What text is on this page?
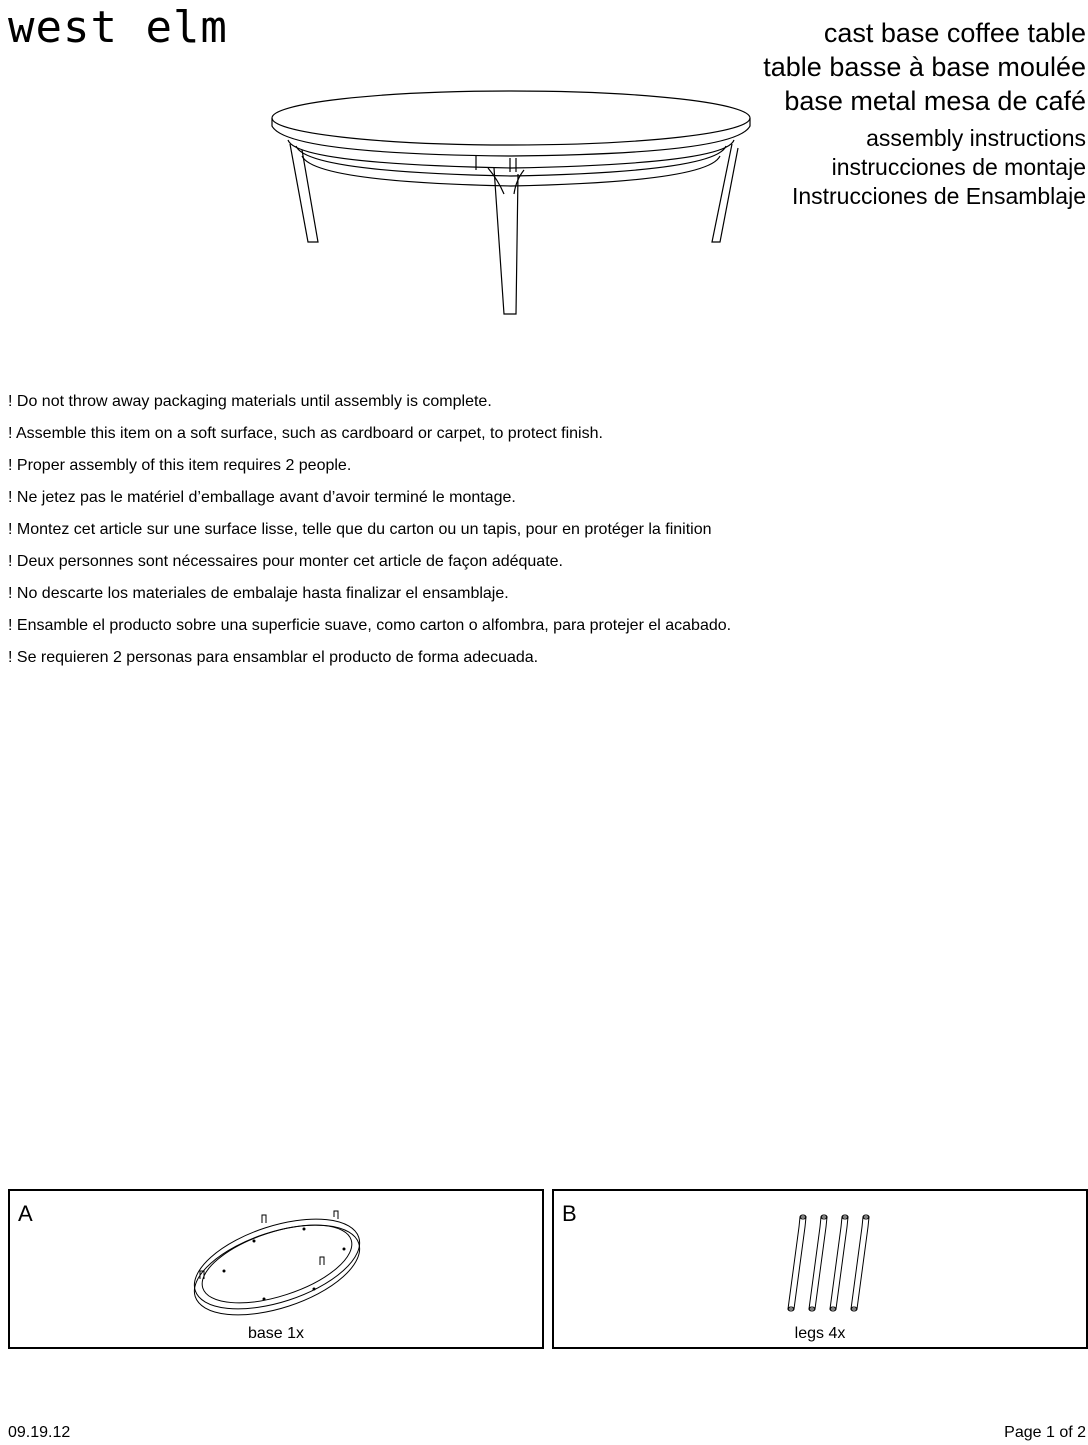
west elm	cast base coffee table
table basse à base moulée
base metal mesa de café
assembly instructions
instrucciones de montaje
Instrucciones de Ensamblaje
! Do not throw away packaging materials until assembly is complete.
! Assemble this item on a soft surface, such as cardboard or carpet, to protect finish.
! Proper assembly of this item requires 2 people.
! Ne jetez pas le matériel d’emballage avant d’avoir terminé le montage.
! Montez cet article sur une surface lisse, telle que du carton ou un tapis, pour en protéger la finition
! Deux personnes sont nécessaires pour monter cet article de façon adéquate.
! No descarte los materiales de embalaje hasta finalizar el ensamblaje.
! Ensamble el producto sobre una superficie suave, como carton o alfombra, para protejer el acabado.
! Se requieren 2 personas para ensamblar el producto de forma adecuada.
A
base 1x
B
legs 4x
09.19.12	Page 1 of 2
